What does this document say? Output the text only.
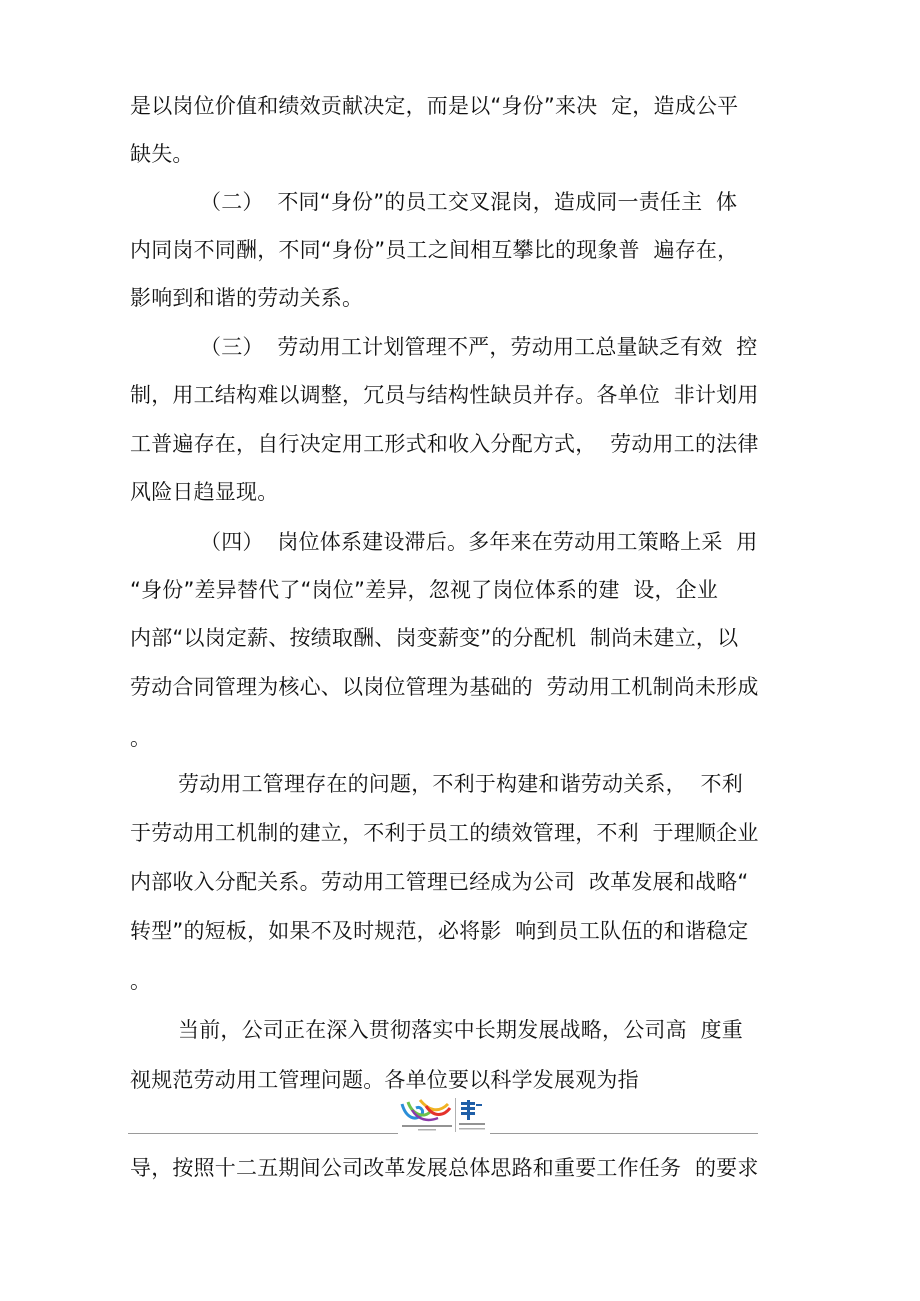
是以岗位价值和绩效贡献决定，而是以“身份”来决  定，造成公平
缺失。
（二）  不同“身份”的员工交叉混岗，造成同一责任主  体
内同岗不同酬，不同“身份”员工之间相互攀比的现象普  遍存在，
影响到和谐的劳动关系。
（三）  劳动用工计划管理不严，劳动用工总量缺乏有效  控
制，用工结构难以调整，冗员与结构性缺员并存。各单位  非计划用
工普遍存在，自行决定用工形式和收入分配方式，  劳动用工的法律
风险日趋显现。
（四）  岗位体系建设滞后。多年来在劳动用工策略上采  用
“身份”差异替代了“岗位”差异，忽视了岗位体系的建  设，企业
内部“以岗定薪、按绩取酬、岗变薪变”的分配机  制尚未建立，以
劳动合同管理为核心、以岗位管理为基础的  劳动用工机制尚未形成
。
劳动用工管理存在的问题，不利于构建和谐劳动关系，  不利
于劳动用工机制的建立，不利于员工的绩效管理，不利  于理顺企业
内部收入分配关系。劳动用工管理已经成为公司  改革发展和战略“
转型”的短板，如果不及时规范，必将影  响到员工队伍的和谐稳定
。
当前，公司正在深入贯彻落实中长期发展战略，公司高  度重
视规范劳动用工管理问题。各单位要以科学发展观为指
导，按照十二五期间公司改革发展总体思路和重要工作任务  的要求
